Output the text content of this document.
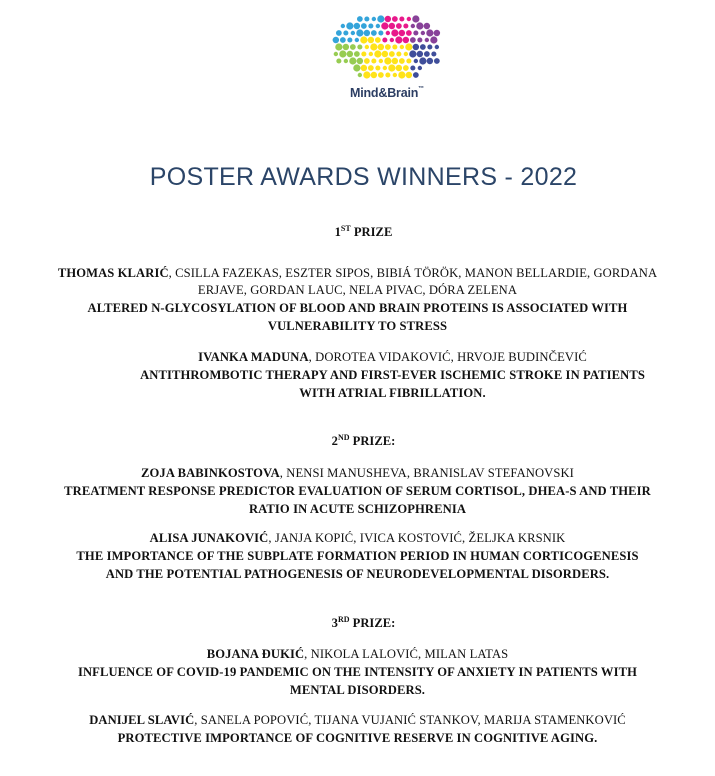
Mind&Brain™
POSTER AWARDS WINNERS - 2022
1ST PRIZE
THOMAS KLARIĆ, CSILLA FAZEKAS, ESZTER SIPOS, BIBIÁ TÖRÖK, MANON BELLARDIE, GORDANA
ERJAVE, GORDAN LAUC, NELA PIVAC, DÓRA ZELENA
ALTERED N-GLYCOSYLATION OF BLOOD AND BRAIN PROTEINS IS ASSOCIATED WITH
VULNERABILITY TO STRESS
IVANKA MADUNA, DOROTEA VIDAKOVIĆ, HRVOJE BUDINČEVIĆ
ANTITHROMBOTIC THERAPY AND FIRST-EVER ISCHEMIC STROKE IN PATIENTS
WITH ATRIAL FIBRILLATION.
2ND PRIZE:
ZOJA BABINKOSTOVA, NENSI MANUSHEVA, BRANISLAV STEFANOVSKI
TREATMENT RESPONSE PREDICTOR EVALUATION OF SERUM CORTISOL, DHEA-S AND THEIR
RATIO IN ACUTE SCHIZOPHRENIA
ALISA JUNAKOVIĆ, JANJA KOPIĆ, IVICA KOSTOVIĆ, ŽELJKA KRSNIK
THE IMPORTANCE OF THE SUBPLATE FORMATION PERIOD IN HUMAN CORTICOGENESIS
AND THE POTENTIAL PATHOGENESIS OF NEURODEVELOPMENTAL DISORDERS.
3RD PRIZE:
BOJANA ĐUKIĆ, NIKOLA LALOVIĆ, MILAN LATAS
INFLUENCE OF COVID-19 PANDEMIC ON THE INTENSITY OF ANXIETY IN PATIENTS WITH
MENTAL DISORDERS.
DANIJEL SLAVIĆ, SANELA POPOVIĆ, TIJANA VUJANIĆ STANKOV, MARIJA STAMENKOVIĆ
PROTECTIVE IMPORTANCE OF COGNITIVE RESERVE IN COGNITIVE AGING.
